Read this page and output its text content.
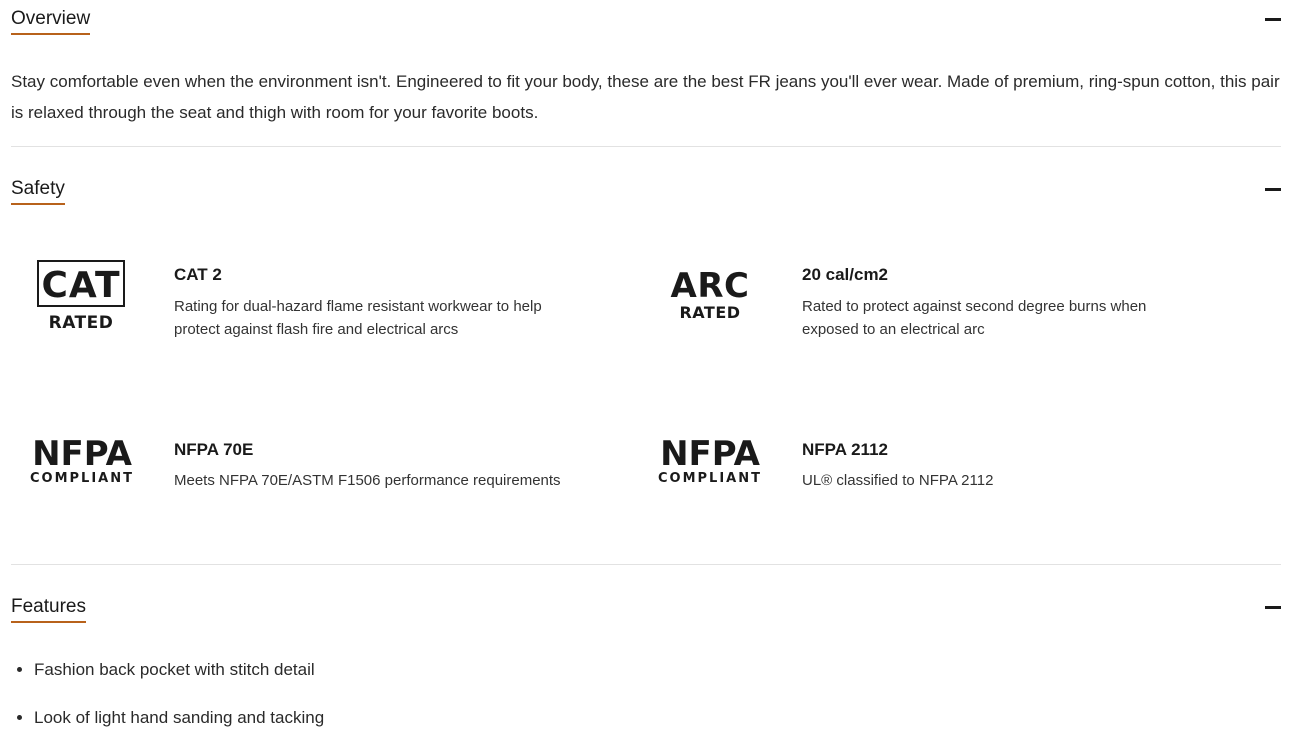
Overview
Stay comfortable even when the environment isn't. Engineered to fit your body, these are the best FR jeans you'll ever wear. Made of premium, ring-spun cotton, this pair is relaxed through the seat and thigh with room for your favorite boots.
Safety
CAT
RATED
CAT 2
Rating for dual-hazard flame resistant workwear to help protect against flash fire and electrical arcs
ARC
RATED
20 cal/cm2
Rated to protect against second degree burns when exposed to an electrical arc
NFPA
COMPLIANT
NFPA 70E
Meets NFPA 70E/ASTM F1506 performance requirements
NFPA
COMPLIANT
NFPA 2112
UL® classified to NFPA 2112
Features
• Fashion back pocket with stitch detail
• Look of light hand sanding and tacking
